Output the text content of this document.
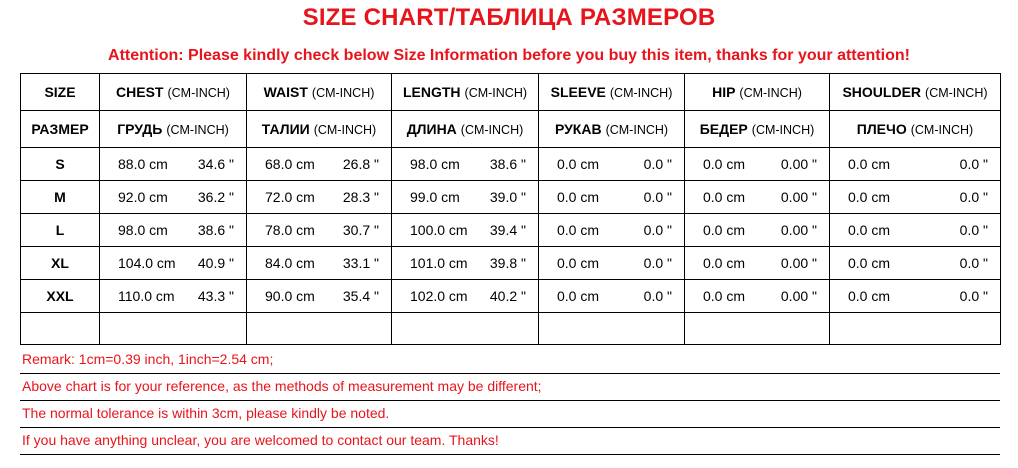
SIZE CHART/ТАБЛИЦА РАЗМЕРОВ
Attention: Please kindly check below Size Information before you buy this item, thanks for your attention!
SIZE	CHEST (CM-INCH)	WAIST (CM-INCH)	LENGTH (CM-INCH)	SLEEVE (CM-INCH)	HIP (CM-INCH)	SHOULDER (CM-INCH)
РАЗМЕР	ГРУДЬ (CM-INCH)	ТАЛИИ (CM-INCH)	ДЛИНА (CM-INCH)	РУКАВ (CM-INCH)	БЕДЕР (CM-INCH)	ПЛЕЧО (CM-INCH)
S	88.0 cm 34.6 "	68.0 cm 26.8 "	98.0 cm 38.6 "	0.0 cm 0.0 "	0.0 cm 0.00 "	0.0 cm 0.0 "

M	92.0 cm 36.2 "	72.0 cm 28.3 "	99.0 cm 39.0 "	0.0 cm 0.0 "	0.0 cm 0.00 "	0.0 cm 0.0 "

L	98.0 cm 38.6 "	78.0 cm 30.7 "	100.0 cm 39.4 "	0.0 cm 0.0 "	0.0 cm 0.00 "	0.0 cm 0.0 "

XL	104.0 cm 40.9 "	84.0 cm 33.1 "	101.0 cm 39.8 "	0.0 cm 0.0 "	0.0 cm 0.00 "	0.0 cm 0.0 "

XXL	110.0 cm 43.3 "	90.0 cm 35.4 "	102.0 cm 40.2 "	0.0 cm 0.0 "	0.0 cm 0.00 "	0.0 cm 0.0 "

Remark: 1cm=0.39 inch, 1inch=2.54 cm;
Above chart is for your reference, as the methods of measurement may be different;
The normal tolerance is within 3cm, please kindly be noted.
If you have anything unclear, you are welcomed to contact our team. Thanks!
